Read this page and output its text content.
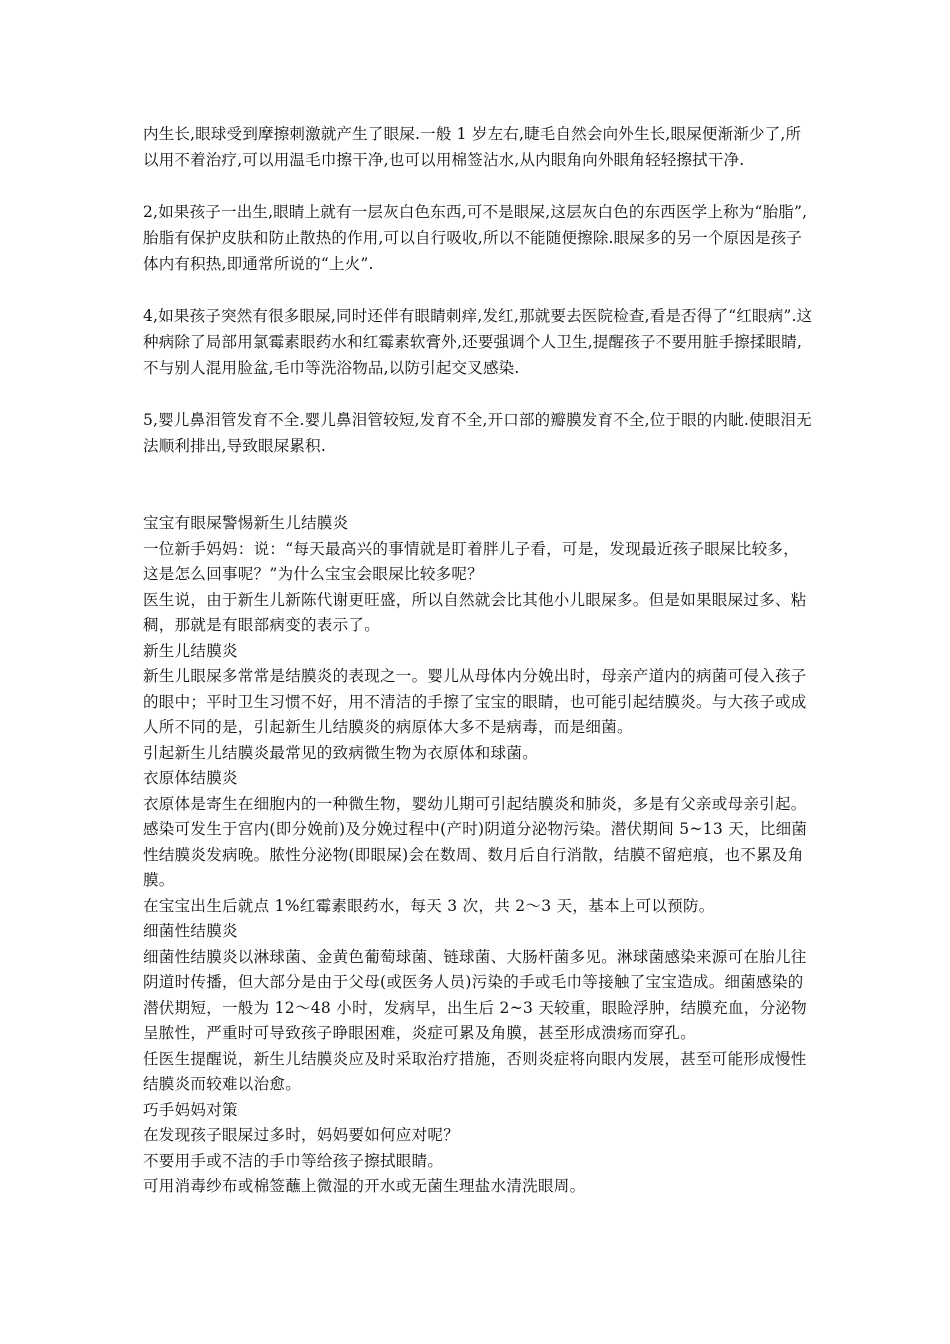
内生长,眼球受到摩擦刺激就产生了眼屎.一般 1 岁左右,睫毛自然会向外生长,眼屎便渐渐少了,所以用不着治疗,可以用温毛巾擦干净,也可以用棉签沾水,从内眼角向外眼角轻轻擦拭干净.

2,如果孩子一出生,眼睛上就有一层灰白色东西,可不是眼屎,这层灰白色的东西医学上称为“胎脂”,胎脂有保护皮肤和防止散热的作用,可以自行吸收,所以不能随便擦除.眼屎多的另一个原因是孩子体内有积热,即通常所说的“上火”.

4,如果孩子突然有很多眼屎,同时还伴有眼睛刺痒,发红,那就要去医院检查,看是否得了“红眼病”.这种病除了局部用氯霉素眼药水和红霉素软膏外,还要强调个人卫生,提醒孩子不要用脏手擦揉眼睛,不与别人混用脸盆,毛巾等洗浴物品,以防引起交叉感染.

5,婴儿鼻泪管发育不全.婴儿鼻泪管较短,发育不全,开口部的瓣膜发育不全,位于眼的内眦.使眼泪无法顺利排出,导致眼屎累积.

宝宝有眼屎警惕新生儿结膜炎

一位新手妈妈：说：“每天最高兴的事情就是盯着胖儿子看，可是，发现最近孩子眼屎比较多，这是怎么回事呢？”为什么宝宝会眼屎比较多呢？

医生说，由于新生儿新陈代谢更旺盛，所以自然就会比其他小儿眼屎多。但是如果眼屎过多、粘稠，那就是有眼部病变的表示了。

新生儿结膜炎

新生儿眼屎多常常是结膜炎的表现之一。婴儿从母体内分娩出时，母亲产道内的病菌可侵入孩子的眼中；平时卫生习惯不好，用不清洁的手擦了宝宝的眼睛，也可能引起结膜炎。与大孩子或成人所不同的是，引起新生儿结膜炎的病原体大多不是病毒，而是细菌。

引起新生儿结膜炎最常见的致病微生物为衣原体和球菌。

衣原体结膜炎

衣原体是寄生在细胞内的一种微生物，婴幼儿期可引起结膜炎和肺炎，多是有父亲或母亲引起。感染可发生于宫内(即分娩前)及分娩过程中(产时)阴道分泌物污染。潜伏期间 5~13 天，比细菌性结膜炎发病晚。脓性分泌物(即眼屎)会在数周、数月后自行消散，结膜不留疤痕，也不累及角膜。

在宝宝出生后就点 1%红霉素眼药水，每天 3 次，共 2～3 天，基本上可以预防。

细菌性结膜炎

细菌性结膜炎以淋球菌、金黄色葡萄球菌、链球菌、大肠杆菌多见。淋球菌感染来源可在胎儿往阴道时传播，但大部分是由于父母(或医务人员)污染的手或毛巾等接触了宝宝造成。细菌感染的潜伏期短，一般为 12～48 小时，发病早，出生后 2~3 天较重，眼睑浮肿，结膜充血，分泌物呈脓性，严重时可导致孩子睁眼困难，炎症可累及角膜，甚至形成溃疡而穿孔。

任医生提醒说，新生儿结膜炎应及时采取治疗措施，否则炎症将向眼内发展，甚至可能形成慢性结膜炎而较难以治愈。

巧手妈妈对策

在发现孩子眼屎过多时，妈妈要如何应对呢？

不要用手或不洁的手巾等给孩子擦拭眼睛。

可用消毒纱布或棉签蘸上微湿的开水或无菌生理盐水清洗眼周。
